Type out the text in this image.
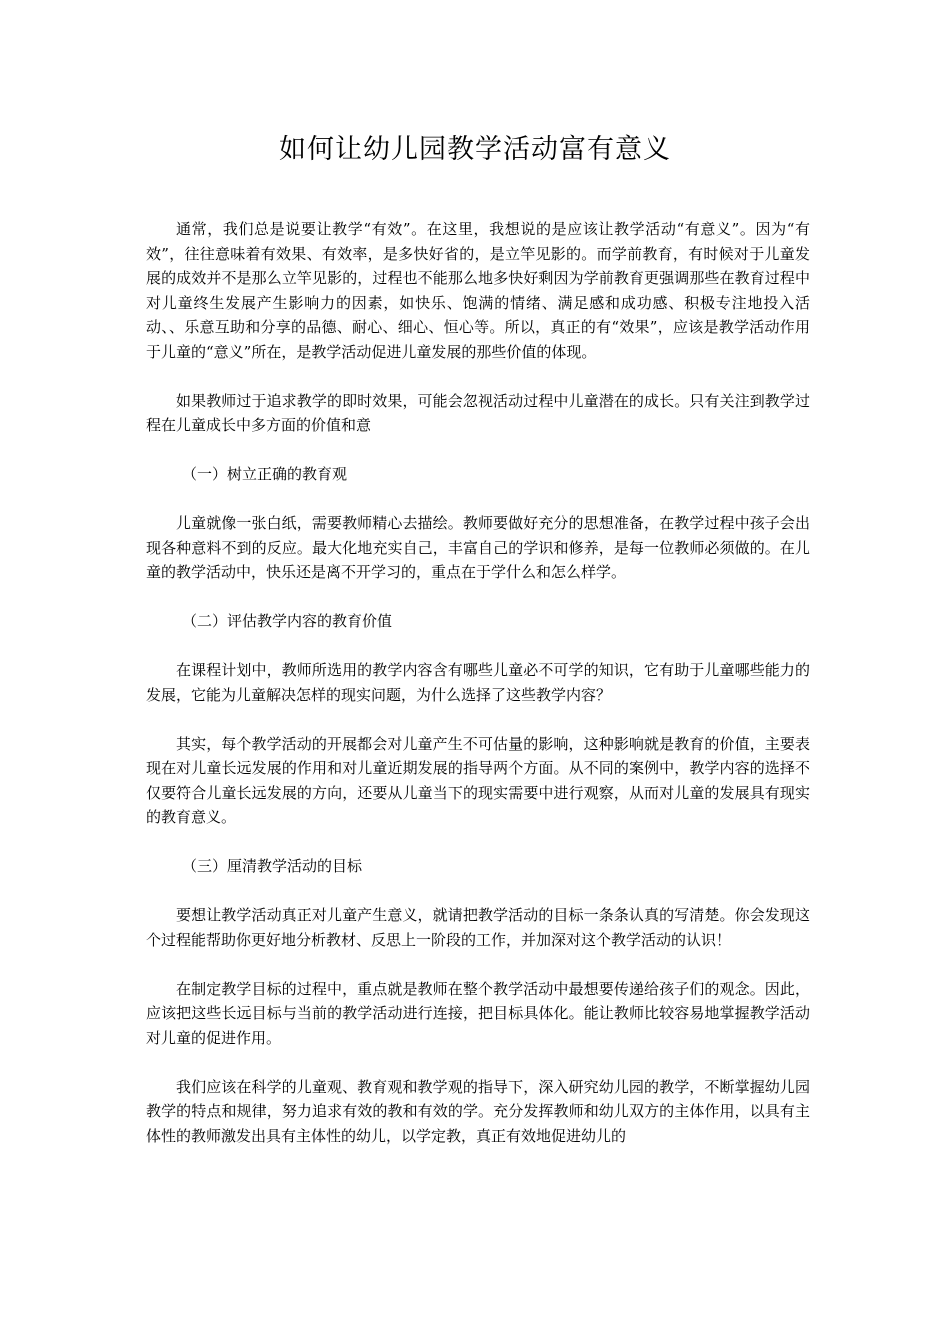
如何让幼儿园教学活动富有意义

通常，我们总是说要让教学“有效”。在这里，我想说的是应该让教学活动“有意义”。因为“有效”，往往意味着有效果、有效率，是多快好省的，是立竿见影的。而学前教育，有时候对于儿童发展的成效并不是那么立竿见影的，过程也不能那么地多快好剩因为学前教育更强调那些在教育过程中对儿童终生发展产生影响力的因素，如快乐、饱满的情绪、满足感和成功感、积极专注地投入活动、、乐意互助和分享的品德、耐心、细心、恒心等。所以，真正的有“效果”，应该是教学活动作用于儿童的“意义”所在，是教学活动促进儿童发展的那些价值的体现。

如果教师过于追求教学的即时效果，可能会忽视活动过程中儿童潜在的成长。只有关注到教学过程在儿童成长中多方面的价值和意

（一）树立正确的教育观

儿童就像一张白纸，需要教师精心去描绘。教师要做好充分的思想准备，在教学过程中孩子会出现各种意料不到的反应。最大化地充实自己，丰富自己的学识和修养，是每一位教师必须做的。在儿童的教学活动中，快乐还是离不开学习的，重点在于学什么和怎么样学。

（二）评估教学内容的教育价值

在课程计划中，教师所选用的教学内容含有哪些儿童必不可学的知识，它有助于儿童哪些能力的发展，它能为儿童解决怎样的现实问题，为什么选择了这些教学内容？

其实，每个教学活动的开展都会对儿童产生不可估量的影响，这种影响就是教育的价值，主要表现在对儿童长远发展的作用和对儿童近期发展的指导两个方面。从不同的案例中，教学内容的选择不仅要符合儿童长远发展的方向，还要从儿童当下的现实需要中进行观察，从而对儿童的发展具有现实的教育意义。

（三）厘清教学活动的目标

要想让教学活动真正对儿童产生意义，就请把教学活动的目标一条条认真的写清楚。你会发现这个过程能帮助你更好地分析教材、反思上一阶段的工作，并加深对这个教学活动的认识！

在制定教学目标的过程中，重点就是教师在整个教学活动中最想要传递给孩子们的观念。因此，应该把这些长远目标与当前的教学活动进行连接，把目标具体化。能让教师比较容易地掌握教学活动对儿童的促进作用。

我们应该在科学的儿童观、教育观和教学观的指导下，深入研究幼儿园的教学，不断掌握幼儿园教学的特点和规律，努力追求有效的教和有效的学。充分发挥教师和幼儿双方的主体作用，以具有主体性的教师激发出具有主体性的幼儿，以学定教，真正有效地促进幼儿的
